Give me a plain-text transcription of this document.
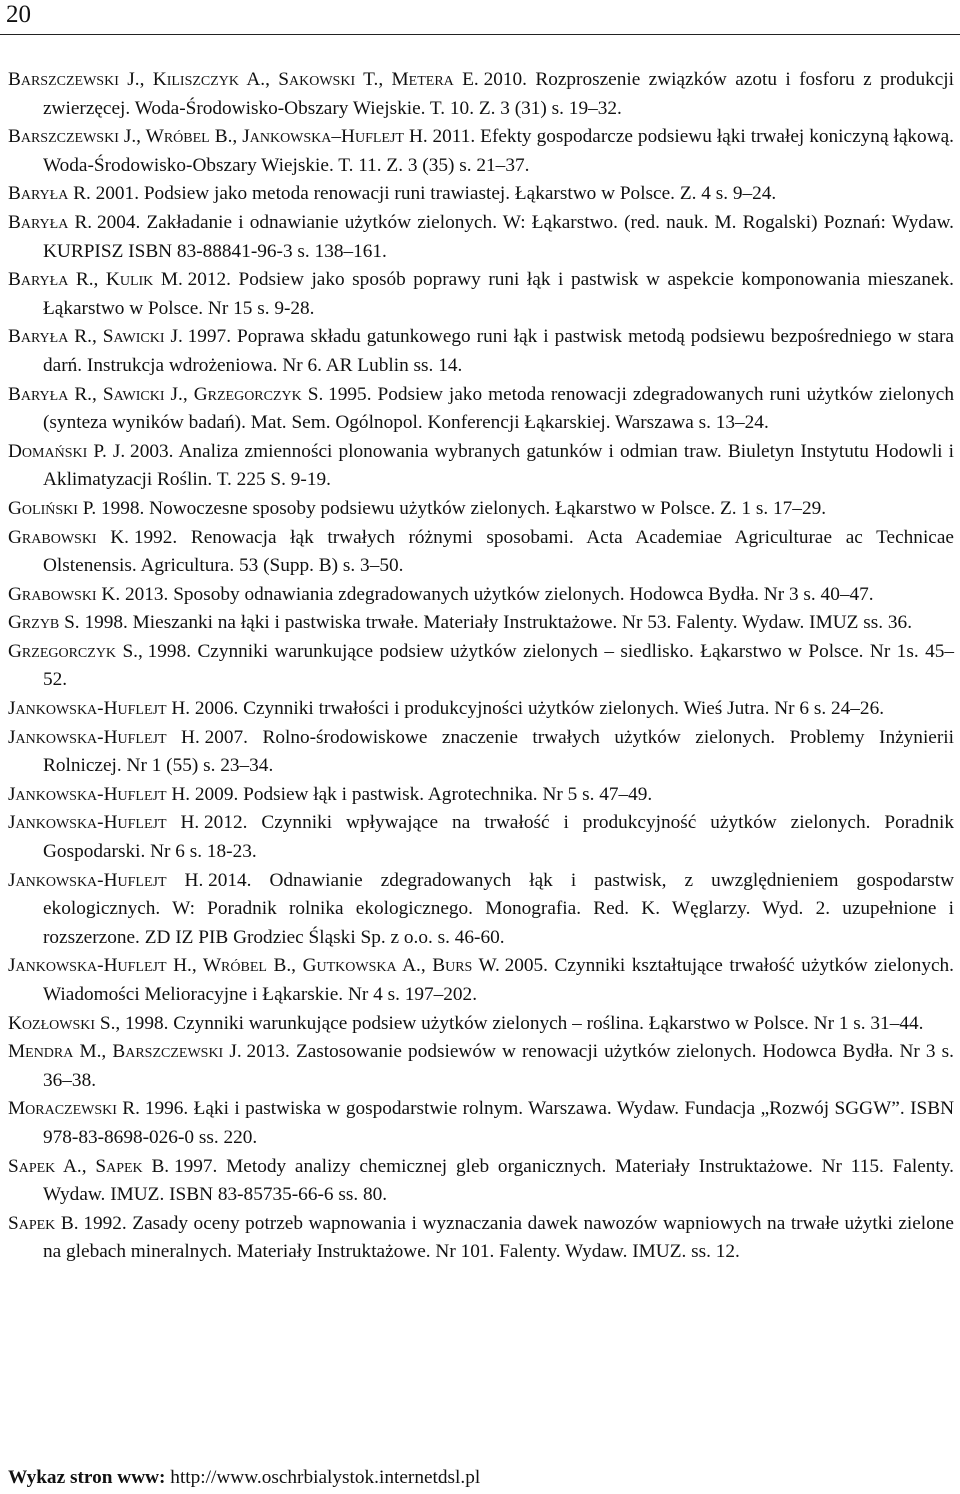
20
Barszczewski J., Kiliszczyk A., Sakowski T., Metera E. 2010. Rozproszenie związków azotu i fosforu z produkcji zwierzęcej. Woda-Środowisko-Obszary Wiejskie. T. 10. Z. 3 (31) s. 19–32.
Barszczewski J., Wróbel B., Jankowska–Huflejt H. 2011. Efekty gospodarcze podsiewu łąki trwałej koniczyną łąkową. Woda-Środowisko-Obszary Wiejskie. T. 11. Z. 3 (35) s. 21–37.
Baryła R. 2001. Podsiew jako metoda renowacji runi trawiastej. Łąkarstwo w Polsce. Z. 4 s. 9–24.
Baryła R. 2004. Zakładanie i odnawianie użytków zielonych. W: Łąkarstwo. (red. nauk. M. Rogalski) Poznań: Wydaw. KURPISZ ISBN 83-88841-96-3 s. 138–161.
Baryła R., Kulik M. 2012. Podsiew jako sposób poprawy runi łąk i pastwisk w aspekcie komponowania mieszanek. Łąkarstwo w Polsce. Nr 15 s. 9-28.
Baryła R., Sawicki J. 1997. Poprawa składu gatunkowego runi łąk i pastwisk metodą podsiewu bezpośredniego w stara darń. Instrukcja wdrożeniowa. Nr 6. AR Lublin ss. 14.
Baryła R., Sawicki J., Grzegorczyk S. 1995. Podsiew jako metoda renowacji zdegradowanych runi użytków zielonych (synteza wyników badań). Mat. Sem. Ogólnopol. Konferencji Łąkarskiej. Warszawa s. 13–24.
Domański P. J. 2003. Analiza zmienności plonowania wybranych gatunków i odmian traw. Biuletyn Instytutu Hodowli i Aklimatyzacji Roślin. T. 225 S. 9-19.
Goliński P. 1998. Nowoczesne sposoby podsiewu użytków zielonych. Łąkarstwo w Polsce. Z. 1 s. 17–29.
Grabowski K. 1992. Renowacja łąk trwałych różnymi sposobami. Acta Academiae Agriculturae ac Technicae Olstenensis. Agricultura. 53 (Supp. B) s. 3–50.
Grabowski K. 2013. Sposoby odnawiania zdegradowanych użytków zielonych. Hodowca Bydła. Nr 3 s. 40–47.
Grzyb S. 1998. Mieszanki na łąki i pastwiska trwałe. Materiały Instruktażowe. Nr 53. Falenty. Wydaw. IMUZ ss. 36.
Grzegorczyk S., 1998. Czynniki warunkujące podsiew użytków zielonych – siedlisko. Łąkarstwo w Polsce. Nr 1s. 45–52.
Jankowska-Huflejt H. 2006. Czynniki trwałości i produkcyjności użytków zielonych. Wieś Jutra. Nr 6 s. 24–26.
Jankowska-Huflejt H. 2007. Rolno-środowiskowe znaczenie trwałych użytków zielonych. Problemy Inżynierii Rolniczej. Nr 1 (55) s. 23–34.
Jankowska-Huflejt H. 2009. Podsiew łąk i pastwisk. Agrotechnika. Nr 5 s. 47–49.
Jankowska-Huflejt H. 2012. Czynniki wpływające na trwałość i produkcyjność użytków zielonych. Poradnik Gospodarski. Nr 6 s. 18-23.
Jankowska-Huflejt H. 2014. Odnawianie zdegradowanych łąk i pastwisk, z uwzględnieniem gospodarstw ekologicznych. W: Poradnik rolnika ekologicznego. Monografia. Red. K. Węglarzy. Wyd. 2. uzupełnione i rozszerzone. ZD IZ PIB Grodziec Śląski Sp. z o.o. s. 46-60.
Jankowska-Huflejt H., Wróbel B., Gutkowska A., Burs W. 2005. Czynniki kształtujące trwałość użytków zielonych. Wiadomości Melioracyjne i Łąkarskie. Nr 4 s. 197–202.
Kozłowski S., 1998. Czynniki warunkujące podsiew użytków zielonych – roślina. Łąkarstwo w Polsce. Nr 1 s. 31–44.
Mendra M., Barszczewski J. 2013. Zastosowanie podsiewów w renowacji użytków zielonych. Hodowca Bydła. Nr 3 s. 36–38.
Moraczewski R. 1996. Łąki i pastwiska w gospodarstwie rolnym. Warszawa. Wydaw. Fundacja „Rozwój SGGW”. ISBN 978-83-8698-026-0 ss. 220.
Sapek A., Sapek B. 1997. Metody analizy chemicznej gleb organicznych. Materiały Instruktażowe. Nr 115. Falenty. Wydaw. IMUZ. ISBN 83-85735-66-6 ss. 80.
Sapek B. 1992. Zasady oceny potrzeb wapnowania i wyznaczania dawek nawozów wapniowych na trwałe użytki zielone na glebach mineralnych. Materiały Instruktażowe. Nr 101. Falenty. Wydaw. IMUZ. ss. 12.
Wykaz stron www: http://www.oschrbialystok.internetdsl.pl
